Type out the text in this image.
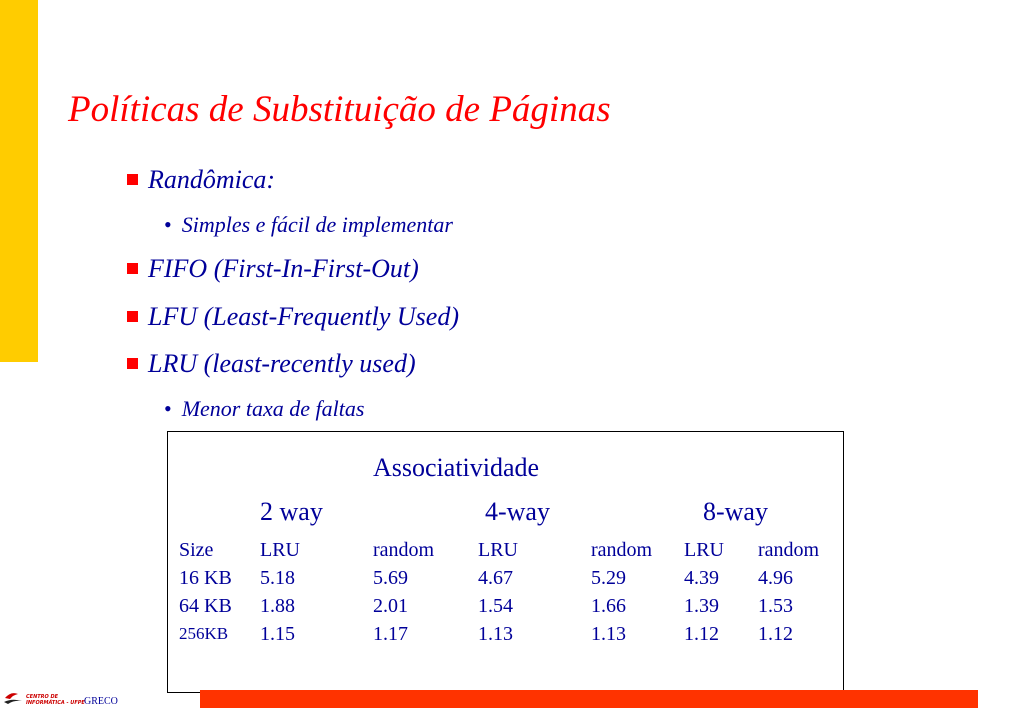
Políticas de Substituição de Páginas
Randômica:
• Simples e fácil de implementar
FIFO (First-In-First-Out)
LFU (Least-Frequently Used)
LRU (least-recently used)
• Menor taxa de faltas
Associatividade
2 way	4-way	8-way
Size LRU	random LRU	random LRU random
16 KB 5.18	5.69	4.67	5.29	4.39 4.96
64 KB 1.88	2.01	1.54	1.66	1.39 1.53
256KB 1.15	1.17	1.13	1.13	1.12 1.12
CENTRO DE
INFORMÁTICA - UFPE GRECO
